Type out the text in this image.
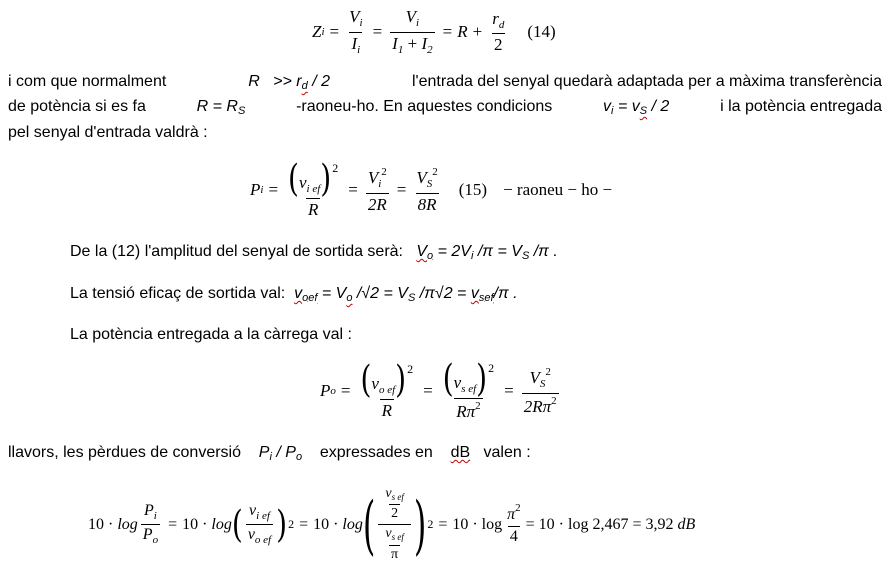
Z $i = \frac{V_i}{I_i} = \frac{V_i}{I_1 + I_2} = R + \frac{r_d}{2} (14)$
i com que normalment	R >> rd / 2	l'entrada del senyal quedarà adaptada per a màxima transferència
de potència si es fa	R = RS	-raoneu-ho. En aquestes condicions	vi = vS / 2	i la potència entregada
pel senyal d'entrada valdrà :
P $i = \frac{(v_{i ef})^2}{R} = \frac{V_i^2}{2R} = \frac{V_S^2}{8R} (15)$ − raoneu − ho −
De la (12) l'amplitud del senyal de sortida serà: Vo = 2Vi /π = VS /π .
La tensió eficaç de sortida val: voef = Vo /√2 = VS /π√2 = vsef/π .
La potència entregada a la càrrega val :
P $o = \frac{(v_{o ef})^2}{R} = \frac{(v_{s ef})^2}{R\pi^2} = \frac{V_S^2}{2R\pi^2}$
llavors, les pèrdues de conversió Pi / Po expressades en dB valen :
10 ·
$\log \frac{P_i}{P_o} = 10$ ·
log ( $\frac{v_{i ef}}{v_{o ef}}$ ) 2 = 10 ·
log ( $\frac{\frac{v_{s ef}}{2}}{\frac{v_{s ef}}{\pi}}$ ) 2 = 10 ·
$\log \frac{\pi^2}{4} = 10 \cdot \log 2,467 = 3,92$
dB
